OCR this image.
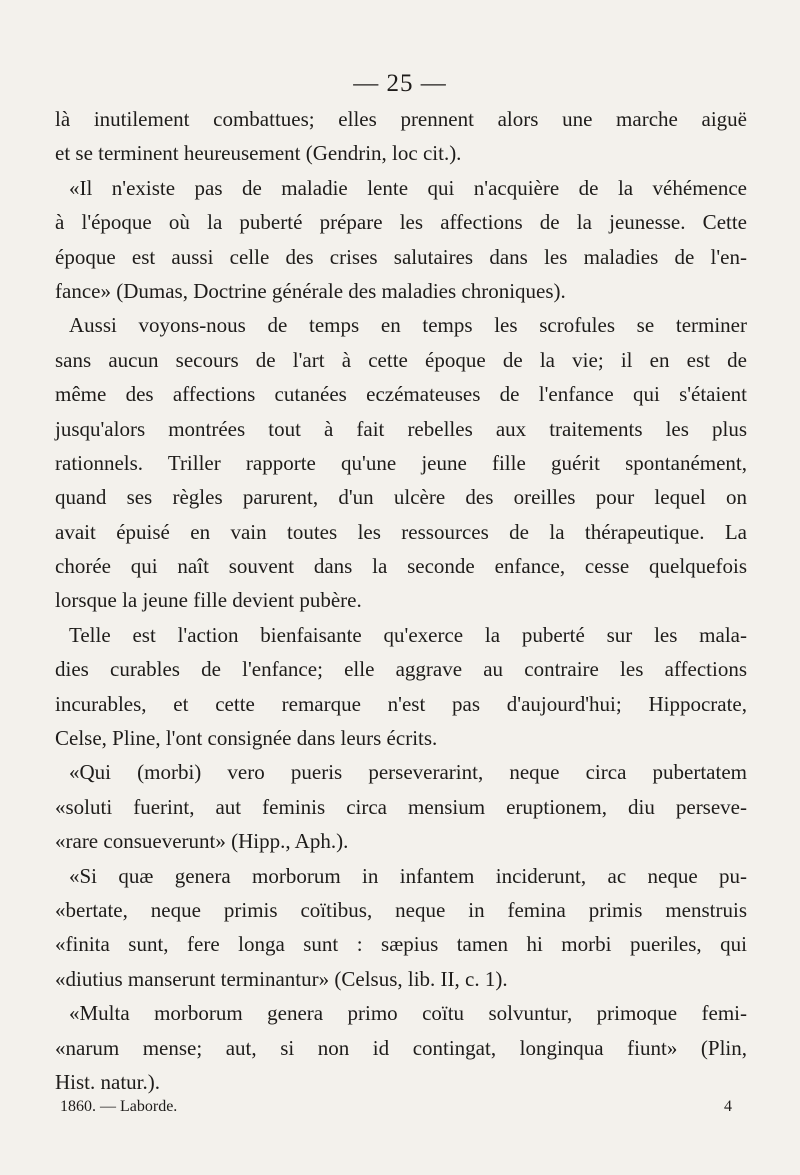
— 25 —
là inutilement combattues; elles prennent alors une marche aiguë
et se terminent heureusement (Gendrin, loc cit.).
«Il n'existe pas de maladie lente qui n'acquière de la véhémence
à l'époque où la puberté prépare les affections de la jeunesse. Cette
époque est aussi celle des crises salutaires dans les maladies de l'en-
fance» (Dumas, Doctrine générale des maladies chroniques).
Aussi voyons-nous de temps en temps les scrofules se terminer
sans aucun secours de l'art à cette époque de la vie; il en est de
même des affections cutanées eczémateuses de l'enfance qui s'étaient
jusqu'alors montrées tout à fait rebelles aux traitements les plus
rationnels. Triller rapporte qu'une jeune fille guérit spontanément,
quand ses règles parurent, d'un ulcère des oreilles pour lequel on
avait épuisé en vain toutes les ressources de la thérapeutique. La
chorée qui naît souvent dans la seconde enfance, cesse quelquefois
lorsque la jeune fille devient pubère.
Telle est l'action bienfaisante qu'exerce la puberté sur les mala-
dies curables de l'enfance; elle aggrave au contraire les affections
incurables, et cette remarque n'est pas d'aujourd'hui; Hippocrate,
Celse, Pline, l'ont consignée dans leurs écrits.
«Qui (morbi) vero pueris perseverarint, neque circa pubertatem
«soluti fuerint, aut feminis circa mensium eruptionem, diu perseve-
«rare consueverunt» (Hipp., Aph.).
«Si quæ genera morborum in infantem inciderunt, ac neque pu-
«bertate, neque primis coïtibus, neque in femina primis menstruis
«finita sunt, fere longa sunt : sæpius tamen hi morbi pueriles, qui
«diutius manserunt terminantur» (Celsus, lib. II, c. 1).
«Multa morborum genera primo coïtu solvuntur, primoque femi-
«narum mense; aut, si non id contingat, longinqua fiunt» (Plin,
Hist. natur.).
1860. — Laborde.	4
